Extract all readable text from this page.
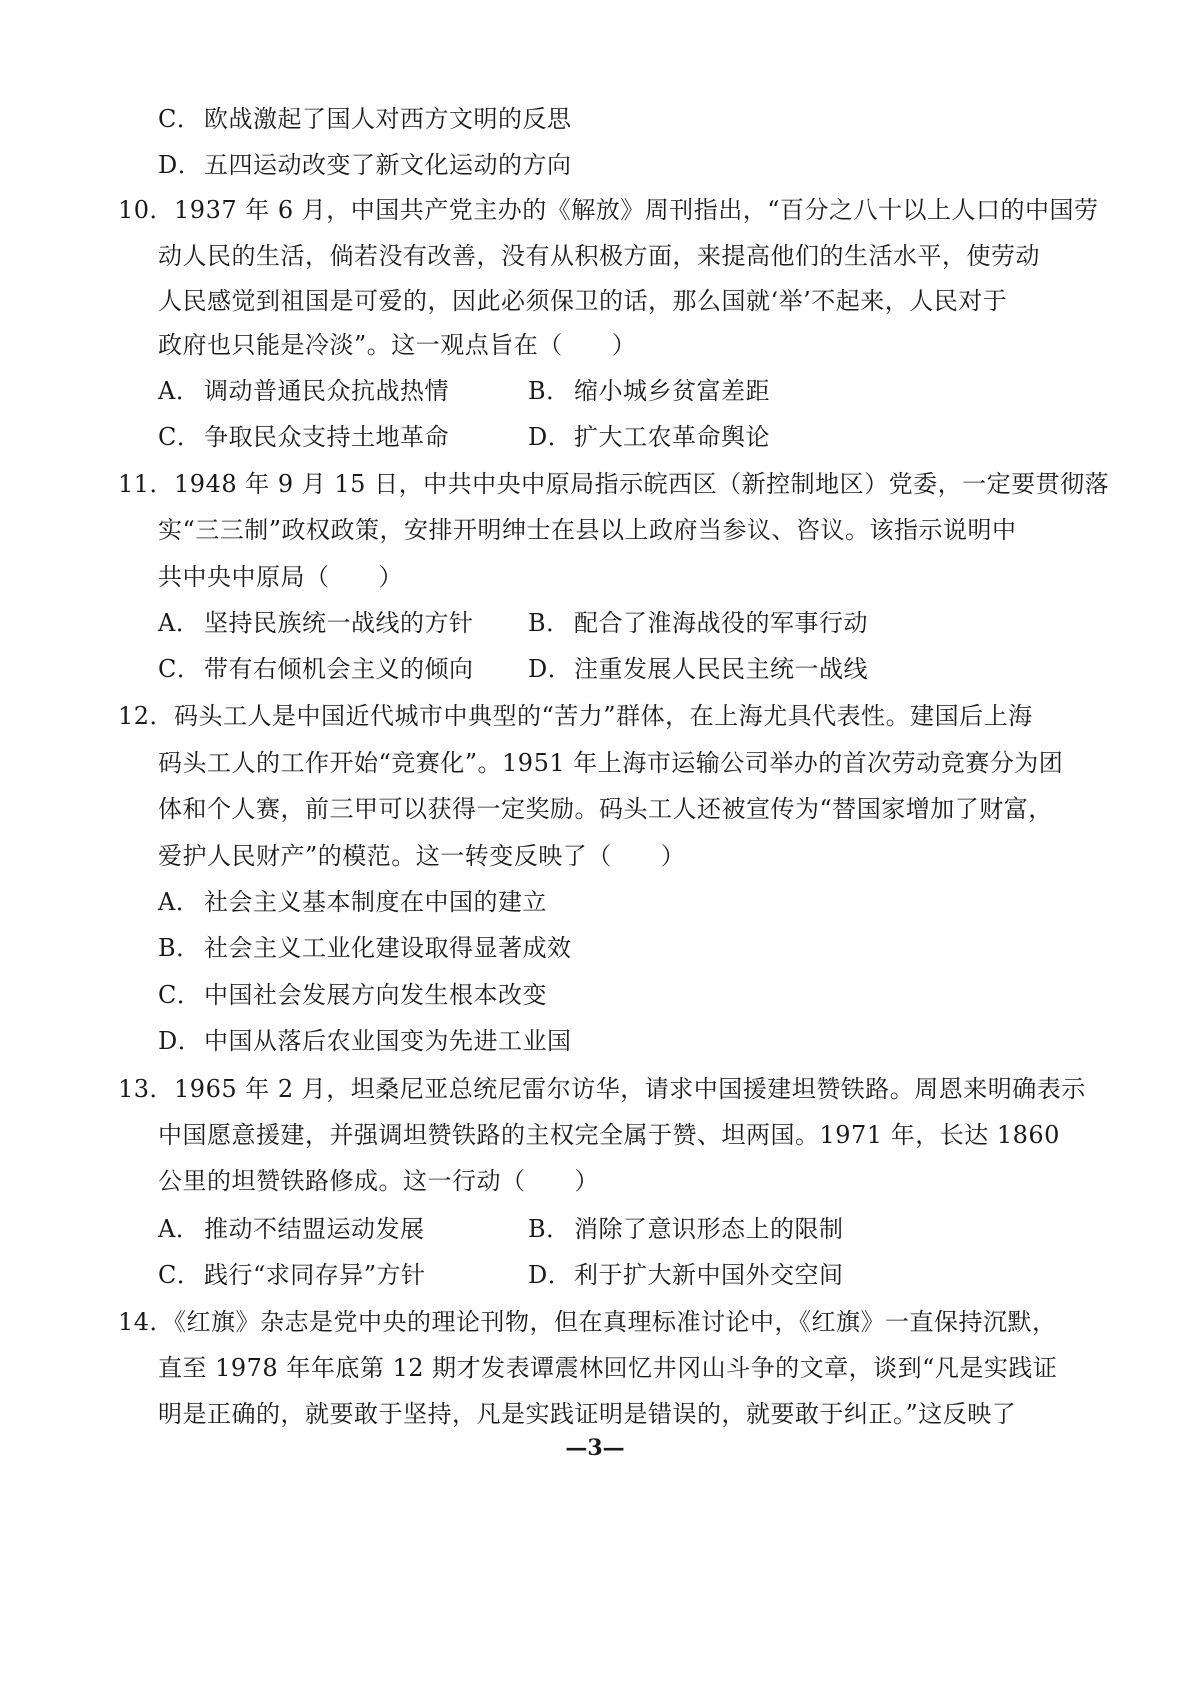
C． 欧战激起了国人对西方文明的反思
D．五四运动改变了新文化运动的方向
10．1937 年 6 月，中国共产党主办的《解放》周刊指出，“百分之八十以上人口的中国劳
动人民的生活，倘若没有改善，没有从积极方面，来提高他们的生活水平，使劳动
人民感觉到祖国是可爱的，因此必须保卫的话，那么国就‘举’不起来，人民对于
政府也只能是冷淡”。这一观点旨在（　　）
A． 调动普通民众抗战热情	B． 缩小城乡贫富差距
C． 争取民众支持土地革命	D．扩大工农革命舆论
11．1948 年 9 月 15 日，中共中央中原局指示皖西区（新控制地区）党委，一定要贯彻落
实“三三制”政权政策，安排开明绅士在县以上政府当参议、咨议。该指示说明中
共中央中原局（　　）
A． 坚持民族统一战线的方针 B． 配合了淮海战役的军事行动
C． 带有右倾机会主义的倾向 D．注重发展人民民主统一战线
12．码头工人是中国近代城市中典型的“苦力”群体，在上海尤具代表性。建国后上海
码头工人的工作开始“竞赛化”。1951 年上海市运输公司举办的首次劳动竞赛分为团
体和个人赛，前三甲可以获得一定奖励。码头工人还被宣传为“替国家增加了财富，
爱护人民财产”的模范。这一转变反映了（　　）
A． 社会主义基本制度在中国的建立
B． 社会主义工业化建设取得显著成效
C． 中国社会发展方向发生根本改变
D．中国从落后农业国变为先进工业国
13．1965 年 2 月，坦桑尼亚总统尼雷尔访华，请求中国援建坦赞铁路。周恩来明确表示
中国愿意援建，并强调坦赞铁路的主权完全属于赞、坦两国。1971 年，长达 1860
公里的坦赞铁路修成。这一行动（　　）
A． 推动不结盟运动发展	B． 消除了意识形态上的限制
C． 践行“求同存异”方针	D．利于扩大新中国外交空间
14．《红旗》杂志是党中央的理论刊物，但在真理标准讨论中，《红旗》一直保持沉默，
直至 1978 年年底第 12 期才发表谭震林回忆井冈山斗争的文章，谈到“凡是实践证
明是正确的，就要敢于坚持，凡是实践证明是错误的，就要敢于纠正。”这反映了
—3—
